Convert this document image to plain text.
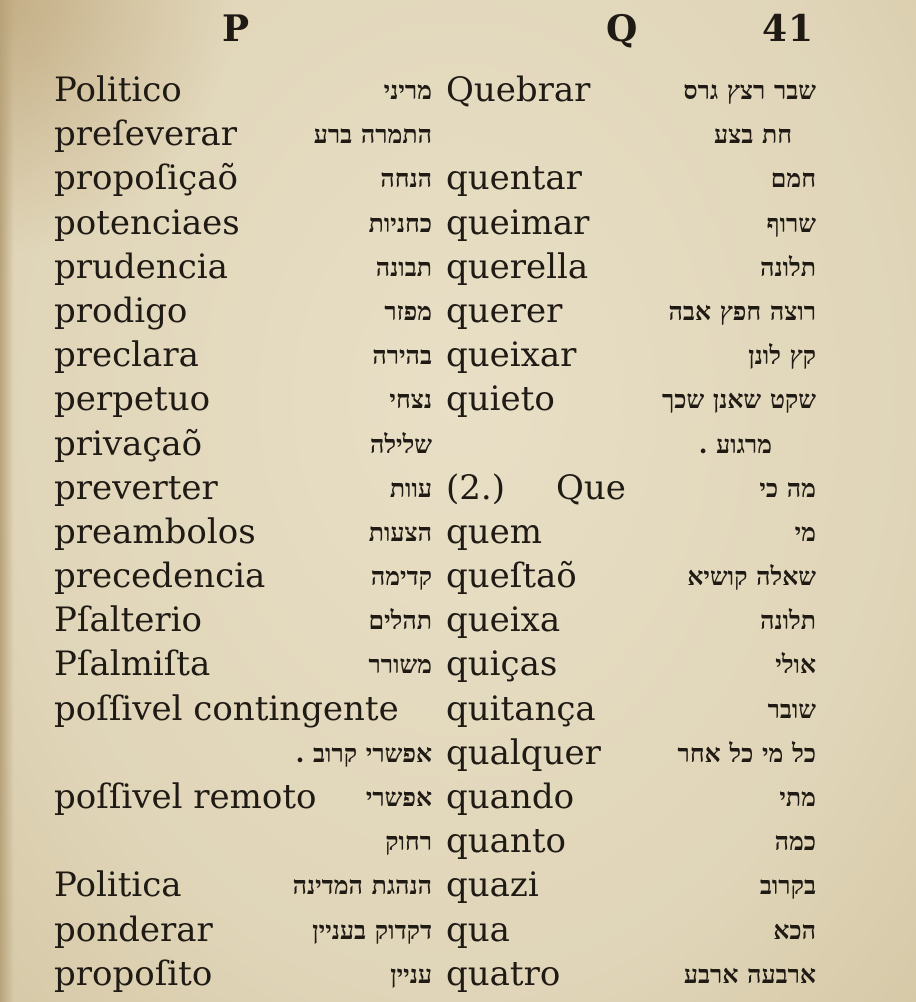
P	Q	41
Politico	מריני
preſeverar	התמרה ברע
propoſiçaõ	הנחה
potenciaes	כחניות
prudencia	תבונה
prodigo	מפזר
preclara	בהירה
perpetuo	נצחי
privaçaõ	שלילה
preverter	עוות
preambolos	הצעות
precedencia	קדימה
Pſalterio	תהלים
Pſalmiſta	משורר
poſſivel contingente
אפשרי קרוב .
poſſivel remoto אפשרי
רחוק
Politica	הנהגת המדינה
ponderar	דקדוק בעניין
propoſito	עניין
Quebrar	שבר רצץ גרס
חת בצע
quentar	חמם
queimar	שרוף
querella	תלונה
querer	רוצה חפץ אבה
queixar	קץ לונן
quieto	שקט שאנן שכך
מרגוע .
(2.) Que	מה כי
quem	מי
queſtaõ	שאלה קושיא
queixa	תלונה
quiças	אולי
quitança	שובר
qualquer	כל מי כל אחר
quando	מתי
quanto	כמה
quazi	בקרוב
qua	הכא
quatro	ארבעה ארבע
